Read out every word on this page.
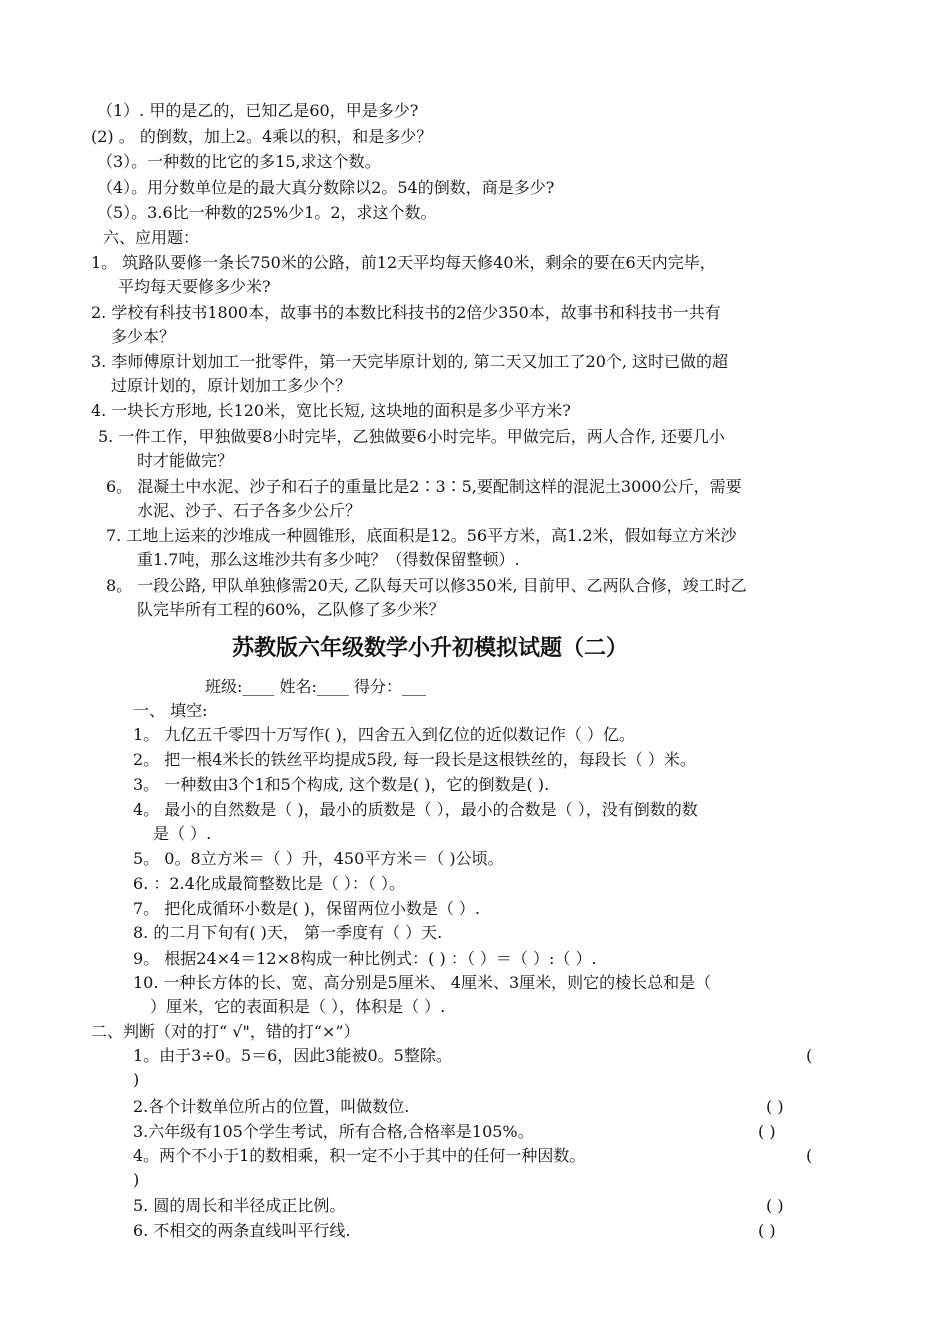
（1）. 甲的是乙的，已知乙是60，甲是多少?
(2) 。 的倒数，加上2。4乘以的积，和是多少？
（3）。一种数的比它的多15,求这个数。
（4）。用分数单位是的最大真分数除以2。54的倒数，商是多少?
（5）。3.6比一种数的25%少1。2，求这个数。
六、应用题：
1。 筑路队要修一条长750米的公路，前12天平均每天修40米，剩余的要在6天内完毕，
平均每天要修多少米?
2. 学校有科技书1800本，故事书的本数比科技书的2倍少350本，故事书和科技书一共有
多少本？
3. 李师傅原计划加工一批零件，第一天完毕原计划的, 第二天又加工了20个, 这时已做的超
过原计划的，原计划加工多少个？
4. 一块长方形地, 长120米，宽比长短, 这块地的面积是多少平方米?
5. 一件工作，甲独做要8小时完毕，乙独做要6小时完毕。甲做完后，两人合作, 还要几小
时才能做完？
6。 混凝土中水泥、沙子和石子的重量比是2∶3∶5,要配制这样的混泥土3000公斤，需要
水泥、沙子、石子各多少公斤？
7. 工地上运来的沙堆成一种圆锥形，底面积是12。56平方米，高1.2米，假如每立方米沙
重1.7吨，那么这堆沙共有多少吨？（得数保留整顿）.
8。 一段公路, 甲队单独修需20天, 乙队每天可以修350米, 目前甲、乙两队合修，竣工时乙
队完毕所有工程的60%，乙队修了多少米？
苏教版六年级数学小升初模拟试题（二）
班级:____ 姓名:____ 得分：___
一、 填空:
1。 九亿五千零四十万写作( )，四舍五入到亿位的近似数记作（ ）亿。
2。 把一根4米长的铁丝平均提成5段, 每一段长是这根铁丝的，每段长（ ）米。
3。 一种数由3个1和5个构成, 这个数是( )，它的倒数是( ).
4。 最小的自然数是（ )，最小的质数是（ ），最小的合数是（ ），没有倒数的数
是（ ）.
5。 0。8立方米＝（ ）升，450平方米＝（ )公顷。
6. ：2.4化成最简整数比是（ ）：（ ）。
7。 把化成循环小数是( )，保留两位小数是（ ）.
8. 的二月下旬有( )天， 第一季度有（ ）天.
9。 根据24×4＝12×8构成一种比例式：( ) ：（ ）＝（ ）:（ ）.
10. 一种长方体的长、宽、高分别是5厘米、 4厘米、3厘米，则它的棱长总和是（
）厘米，它的表面积是（ ），体积是（ ）.
二、判断（对的打“ √"，错的打“×”）
1。由于3÷0。5＝6，因此3能被0。5整除。	(
)
2.各个计数单位所占的位置，叫做数位.	( )
3.六年级有105个学生考试，所有合格,合格率是105%。	( )
4。两个不小于1的数相乘，积一定不小于其中的任何一种因数。	(
)
5. 圆的周长和半径成正比例。	( )
6. 不相交的两条直线叫平行线.	( )
